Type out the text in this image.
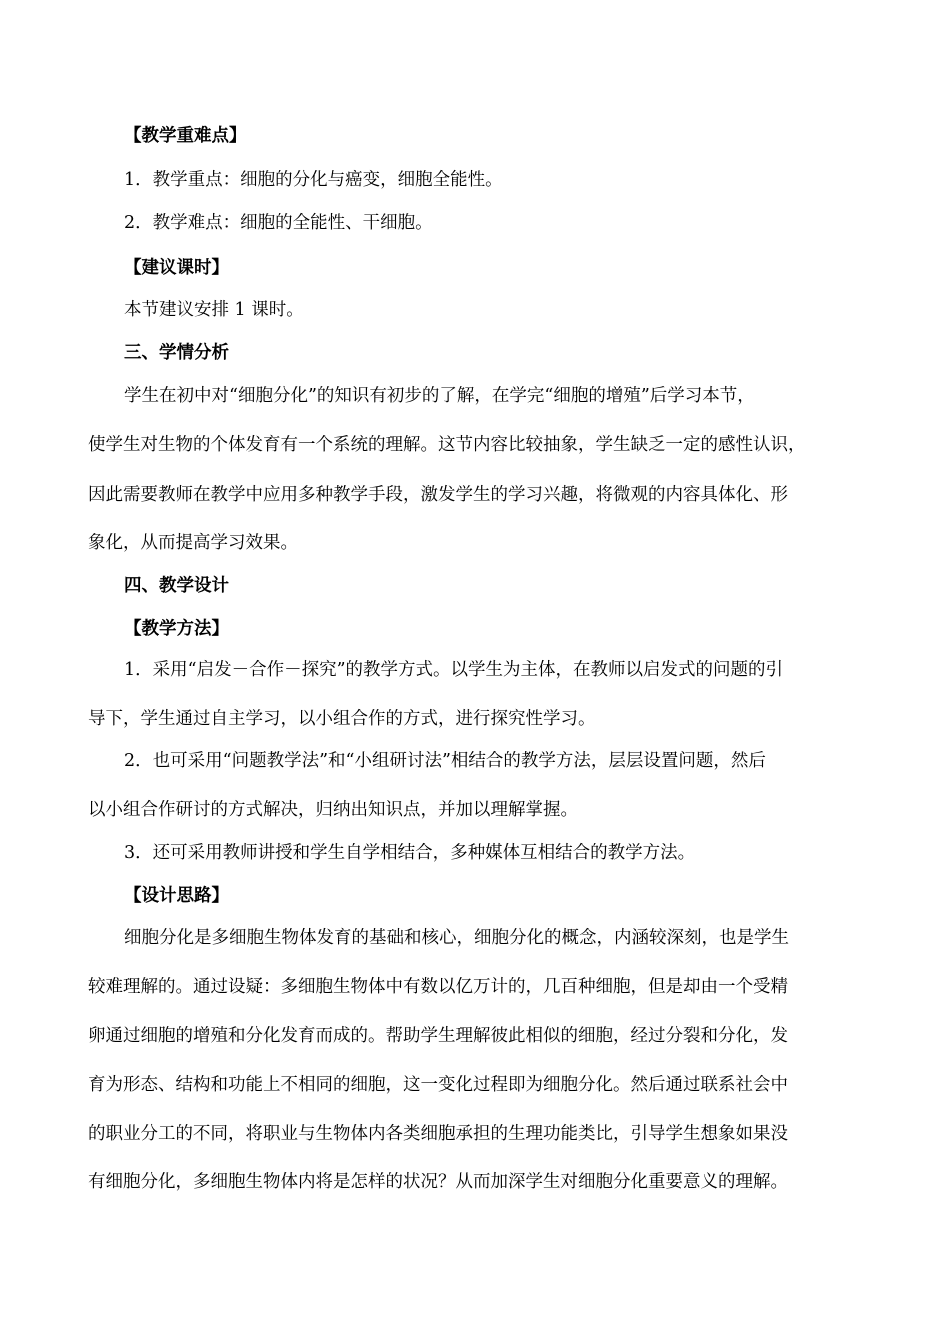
【教学重难点】
1．教学重点：细胞的分化与癌变，细胞全能性。
2．教学难点：细胞的全能性、干细胞。
【建议课时】
本节建议安排 1 课时。
三、学情分析
学生在初中对“细胞分化”的知识有初步的了解，在学完“细胞的增殖”后学习本节，
使学生对生物的个体发育有一个系统的理解。这节内容比较抽象，学生缺乏一定的感性认识，
因此需要教师在教学中应用多种教学手段，激发学生的学习兴趣，将微观的内容具体化、形
象化，从而提高学习效果。
四、教学设计
【教学方法】
1．采用“启发－合作－探究”的教学方式。以学生为主体，在教师以启发式的问题的引
导下，学生通过自主学习，以小组合作的方式，进行探究性学习。
2．也可采用“问题教学法”和“小组研讨法”相结合的教学方法，层层设置问题，然后
以小组合作研讨的方式解决，归纳出知识点，并加以理解掌握。
3．还可采用教师讲授和学生自学相结合，多种媒体互相结合的教学方法。
【设计思路】
细胞分化是多细胞生物体发育的基础和核心，细胞分化的概念，内涵较深刻，也是学生
较难理解的。通过设疑：多细胞生物体中有数以亿万计的，几百种细胞，但是却由一个受精
卵通过细胞的增殖和分化发育而成的。帮助学生理解彼此相似的细胞，经过分裂和分化，发
育为形态、结构和功能上不相同的细胞，这一变化过程即为细胞分化。然后通过联系社会中
的职业分工的不同，将职业与生物体内各类细胞承担的生理功能类比，引导学生想象如果没
有细胞分化，多细胞生物体内将是怎样的状况？从而加深学生对细胞分化重要意义的理解。
